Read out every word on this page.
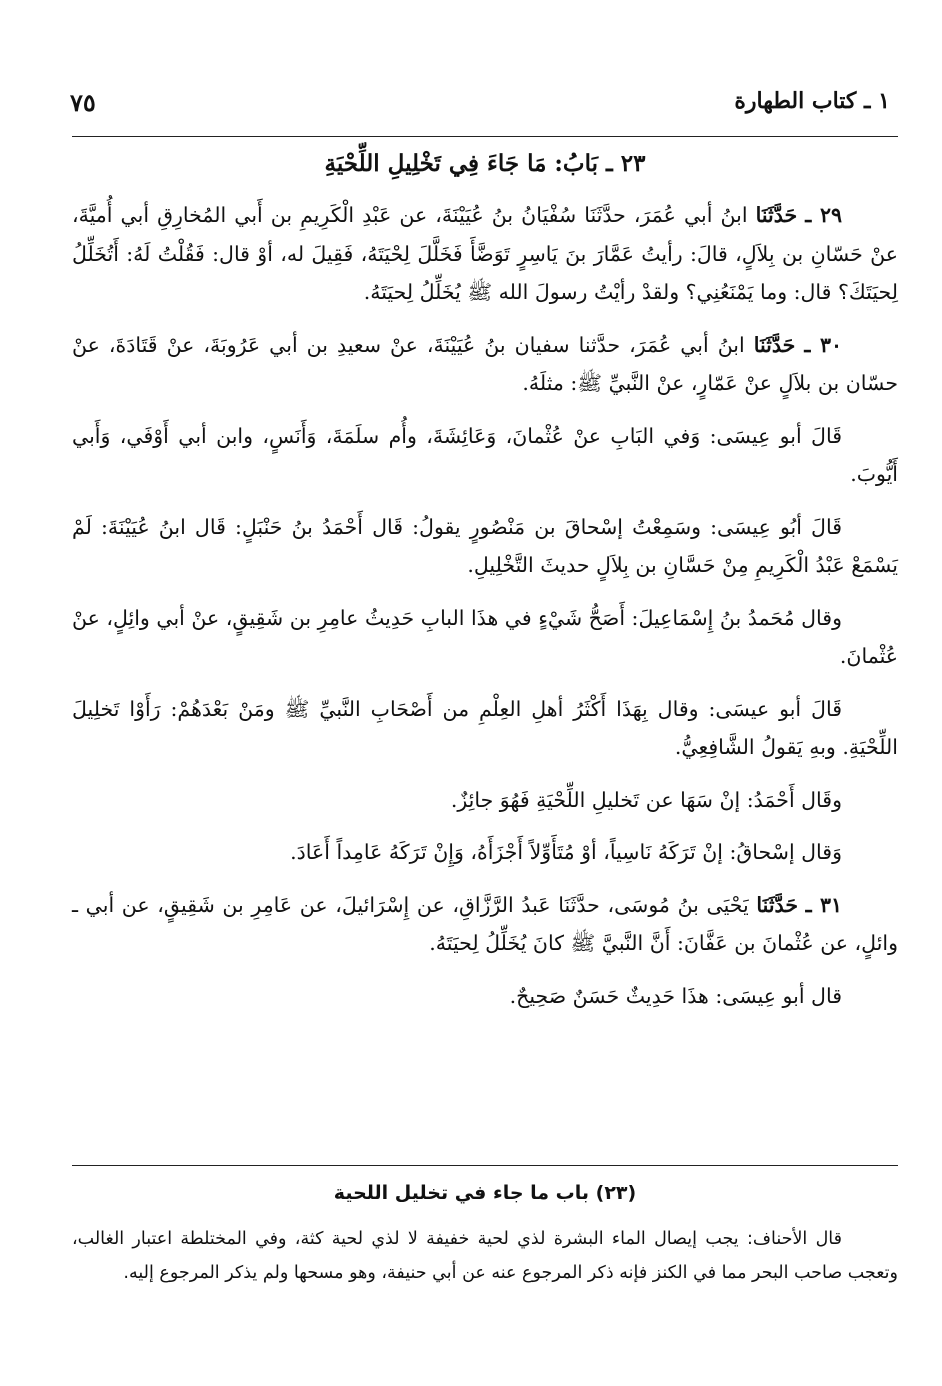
١ ـ كتاب الطهارة
٧٥
٢٣ ـ بَابُ: مَا جَاءَ فِي تَخْلِيلِ اللِّحْيَةِ

٢٩ ـ حَدَّثَنَا ابنُ أبي عُمَرَ، حدَّثَنَا سُفْيَانُ بنُ عُيَيْنَةَ، عن عَبْدِ الْكَرِيمِ بن أَبي المُخارِقِ أبي أُميَّةَ، عنْ حَسّانِ بن بِلاَلٍ، قالَ: رأيتُ عَمَّارَ بنَ يَاسِرٍ تَوَضَّأَ فَخَلَّلَ لِحْيَتَهُ، فَقِيلَ له، أوْ قال: فَقُلْتُ لَهُ: أَتُخَلِّلُ لِحيَتَكَ؟ قال: وما يَمْنَعُنِي؟ ولقدْ رأيْتُ رسولَ الله ﷺ يُخَلِّلُ لِحيَتَهُ.

٣٠ ـ حَدَّثَنَا ابنُ أبي عُمَرَ، حدَّثنا سفيان بنُ عُيَيْنَةَ، عنْ سعيدِ بن أبي عَرُوبَةَ، عنْ قَتَادَةَ، عنْ حسّان بن بلاَلٍ عنْ عَمّارٍ، عنْ النَّبيِّ ﷺ: مثلَهُ.

قَالَ أبو عِيسَى: وَفي البَابِ عنْ عُثْمانَ، وَعَائِشَةَ، وأُم سلَمَةَ، وَأَنَسٍ، وابن أبي أَوْفَي، وَأَبي أَيُّوبَ.

قَالَ أبُو عِيسَى: وسَمِعْتُ إسْحاقَ بن مَنْصُورٍ يقولُ: قَال أَحْمَدُ بنُ حَنْبَلٍ: قَال ابنُ عُيَيْنَةَ: لَمْ يَسْمَعْ عَبْدُ الْكَرِيمِ مِنْ حَسَّانِ بن بِلاَلٍ حديثَ التَّخْلِيلِ.

وقال مُحَمدُ بنُ إِسْمَاعِيلَ: أَصَحُّ شَيْءٍ في هذَا البابِ حَدِيثُ عامِرِ بن شَقِيقٍ، عنْ أبي وائِلٍ، عنْ عُثْمانَ.

قَالَ أبو عيسَى: وقال بِهَذَا أَكْثَرُ أهلِ العِلْمِ من أَصْحَابِ النَّبيِّ ﷺ ومَنْ بَعْدَهُمْ: رَأَوْا تَخلِيلَ اللِّحْيَةِ. وبهِ يَقولُ الشَّافِعِيُّ.

وقَال أَحْمَدُ: إنْ سَهَا عن تَخليلِ اللِّحْيَةِ فَهُوَ جائِزٌ.

وَقال إسْحاقُ: إنْ تَرَكَهُ نَاسِياً، أوْ مُتَأَوِّلاً أَجْزَأَهُ، وَإِنْ تَرَكَهُ عَامِداً أَعَادَ.

٣١ ـ حَدَّثَنَا يَحْيَى بنُ مُوسَى، حدَّثَنَا عَبدُ الرَّزَّاقِ، عن إِسْرَائيلَ، عن عَامِرِ بن شَقِيقٍ، عن أبي ـ وائلٍ، عن عُثْمانَ بن عَفَّانَ: أَنَّ النَّبيَّ ﷺ كانَ يُخَلِّلُ لِحيَتَهُ.

قال أبو عِيسَى: هذَا حَدِيثٌ حَسَنٌ صَحِيحٌ.

(٢٣) باب ما جاء في تخليل اللحية

قال الأحناف: يجب إيصال الماء البشرة لذي لحية خفيفة لا لذي لحية كثة، وفي المختلطة اعتبار الغالب، وتعجب صاحب البحر مما في الكنز فإنه ذكر المرجوع عنه عن أبي حنيفة، وهو مسحها ولم يذكر المرجوع إليه.
